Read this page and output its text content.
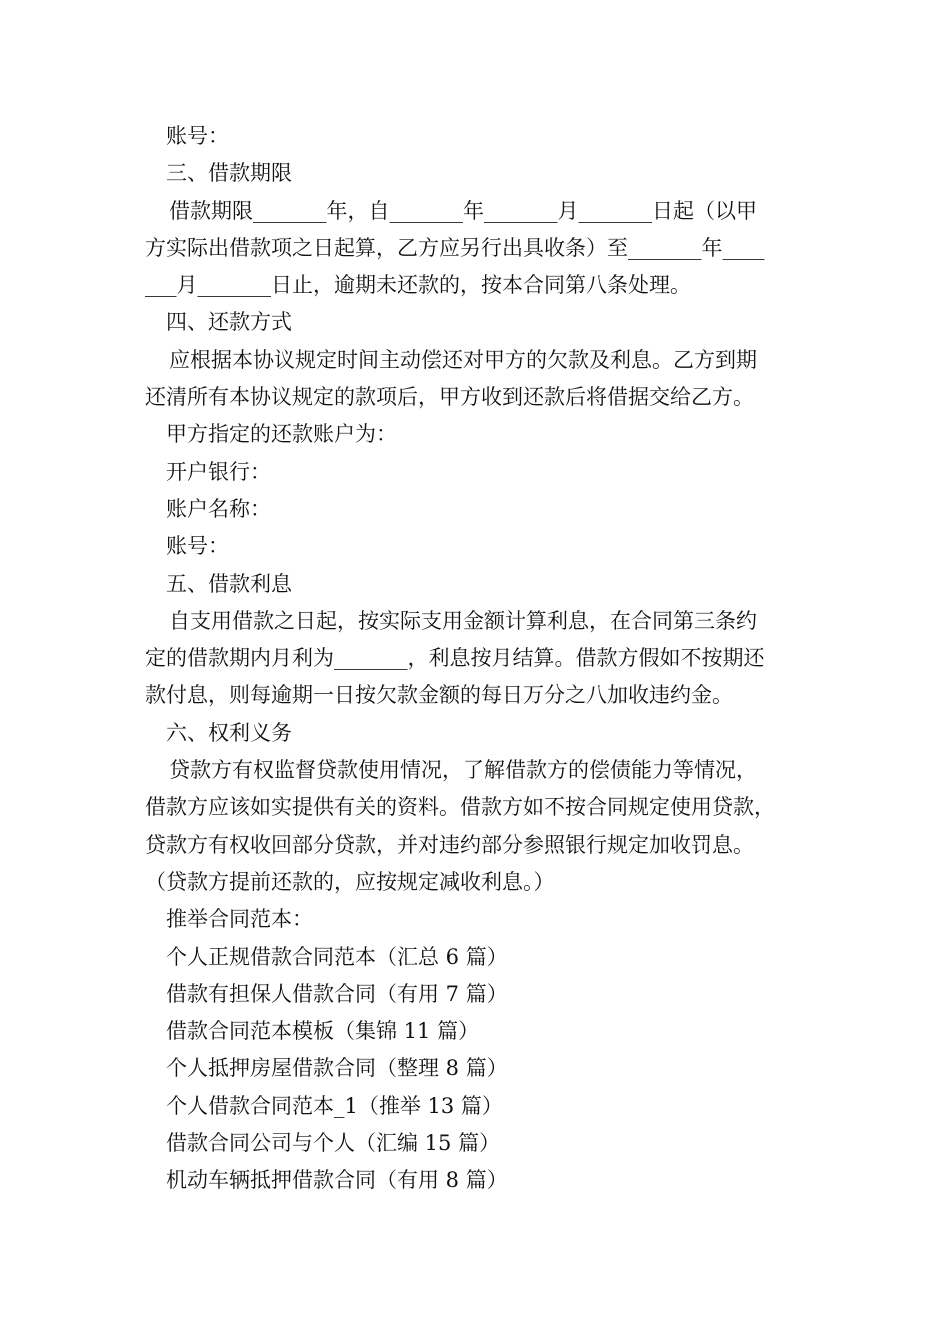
账号：

三、借款期限

借款期限_______年，自_______年_______月_______日起（以甲

方实际出借款项之日起算，乙方应另行出具收条）至_______年____

___月_______日止，逾期未还款的，按本合同第八条处理。

四、还款方式

应根据本协议规定时间主动偿还对甲方的欠款及利息。乙方到期

还清所有本协议规定的款项后，甲方收到还款后将借据交给乙方。

甲方指定的还款账户为：

开户银行：

账户名称：

账号：

五、借款利息

自支用借款之日起，按实际支用金额计算利息，在合同第三条约

定的借款期内月利为_______，利息按月结算。借款方假如不按期还

款付息，则每逾期一日按欠款金额的每日万分之八加收违约金。

六、权利义务

贷款方有权监督贷款使用情况，了解借款方的偿债能力等情况，

借款方应该如实提供有关的资料。借款方如不按合同规定使用贷款，

贷款方有权收回部分贷款，并对违约部分参照银行规定加收罚息。

（贷款方提前还款的，应按规定减收利息。）

推举合同范本：

个人正规借款合同范本（汇总 6 篇）

借款有担保人借款合同（有用 7 篇）

借款合同范本模板（集锦 11 篇）

个人抵押房屋借款合同（整理 8 篇）

个人借款合同范本_1（推举 13 篇）

借款合同公司与个人（汇编 15 篇）

机动车辆抵押借款合同（有用 8 篇）
